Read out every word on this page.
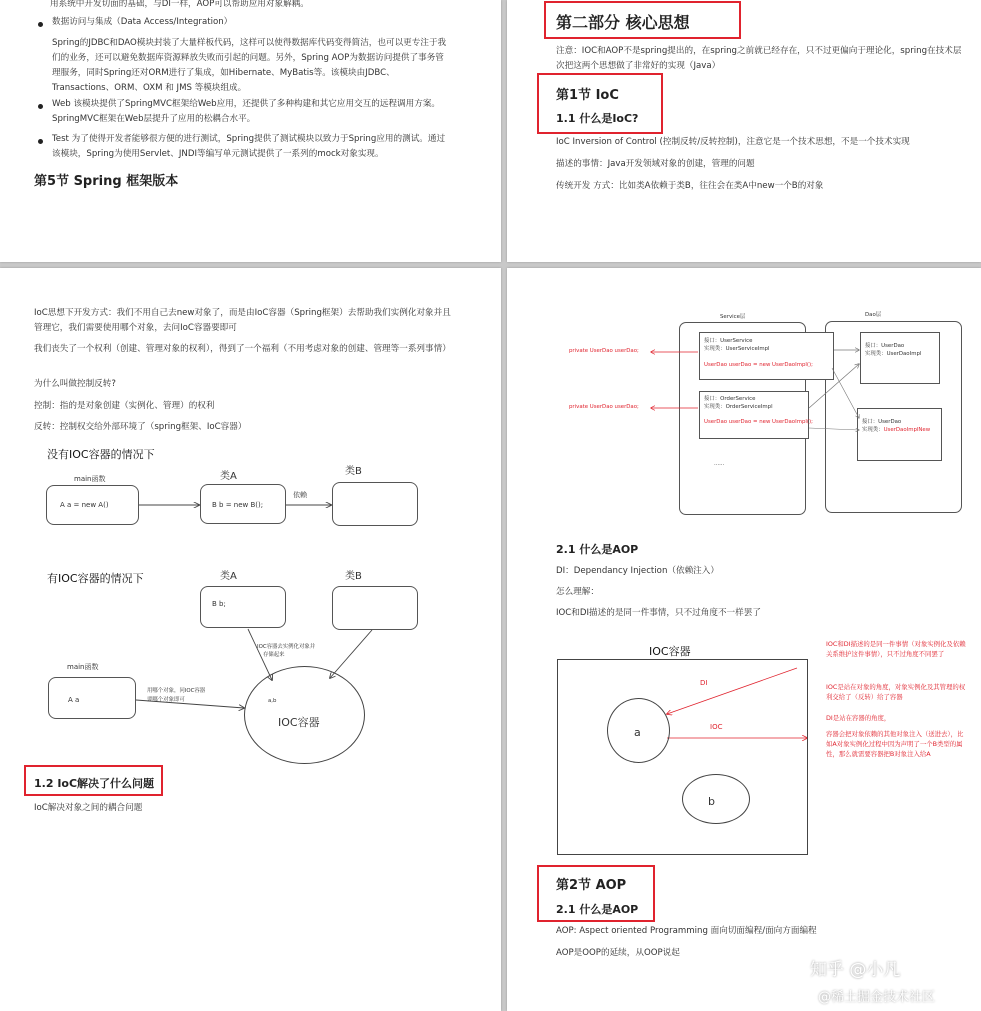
用系统中开发切面的基础，与DI一样，AOP可以帮助应用对象解耦。
数据访问与集成（Data Access/Integration）
Spring的JDBC和DAO模块封装了大量样板代码，这样可以使得数据库代码变得简洁，也可以更专注于我们的业务，还可以避免数据库资源释放失败而引起的问题。另外，Spring AOP为数据访问提供了事务管理服务，同时Spring还对ORM进行了集成，如Hibernate、MyBatis等。该模块由JDBC、Transactions、ORM、OXM 和 JMS 等模块组成。
Web 该模块提供了SpringMVC框架给Web应用，还提供了多种构建和其它应用交互的远程调用方案。SpringMVC框架在Web层提升了应用的松耦合水平。
Test 为了使得开发者能够很方便的进行测试，Spring提供了测试模块以致力于Spring应用的测试。通过该模块，Spring为使用Servlet、JNDI等编写单元测试提供了一系列的mock对象实现。
第5节 Spring 框架版本
第二部分 核心思想
注意：IOC和AOP不是spring提出的，在spring之前就已经存在，只不过更偏向于理论化，spring在技术层次把这两个思想做了非常好的实现（Java）
第1节 IoC
1.1 什么是IoC?
IoC Inversion of Control (控制反转/反转控制)，注意它是一个技术思想，不是一个技术实现
描述的事情：Java开发领域对象的创建，管理的问题
传统开发 方式：比如类A依赖于类B，往往会在类A中new一个B的对象
IoC思想下开发方式：我们不用自己去new对象了，而是由IoC容器（Spring框架）去帮助我们实例化对象并且管理它，我们需要使用哪个对象，去问IoC容器要即可
我们丧失了一个权利（创建、管理对象的权利），得到了一个福利（不用考虑对象的创建、管理等一系列事情）
为什么叫做控制反转?
控制：指的是对象创建（实例化、管理）的权利
反转：控制权交给外部环境了（spring框架、IoC容器）
没有IOC容器的情况下
main函数
A a = new A()
类A
B b = new B();
类B
依赖
有IOC容器的情况下	类A
B b;
类B
IOC容器去实例化对象并
存储起来
main函数
A a
用哪个对象，问IOC容器
要哪个对象即可	a,b
IOC容器
1.2 IoC解决了什么问题
IoC解决对象之间的耦合问题
Service层	Dao层
private UserDao userDao;
private UserDao userDao;
接口：UserService
实现类：UserServiceImpl
UserDao userDao = new UserDaoImpl();
接口：OrderService
实现类：OrderServiceImpl
UserDao userDao = new UserDaoImpl();
......
接口：UserDao
实现类：UserDaoImpl
接口：UserDao
实现类：UserDaoImplNew
2.1 什么是AOP
DI：Dependancy Injection（依赖注入）
怎么理解：
IOC和DI描述的是同一件事情，只不过角度不一样罢了
IOC容器
a
b
DI
IOC
IOC和DI描述的是同一件事情（对象实例化及依赖关系维护这件事情），只不过角度不同罢了
IOC是站在对象的角度，对象实例化及其管理的权利交给了（反转）给了容器
DI是站在容器的角度，
容器会把对象依赖的其他对象注入（送进去），比如A对象实例化过程中因为声明了一个B类型的属性，那么就需要容器把B对象注入给A
第2节 AOP
2.1 什么是AOP
AOP: Aspect oriented Programming 面向切面编程/面向方面编程
AOP是OOP的延续，从OOP说起
知乎 @小凡
@稀土掘金技术社区
